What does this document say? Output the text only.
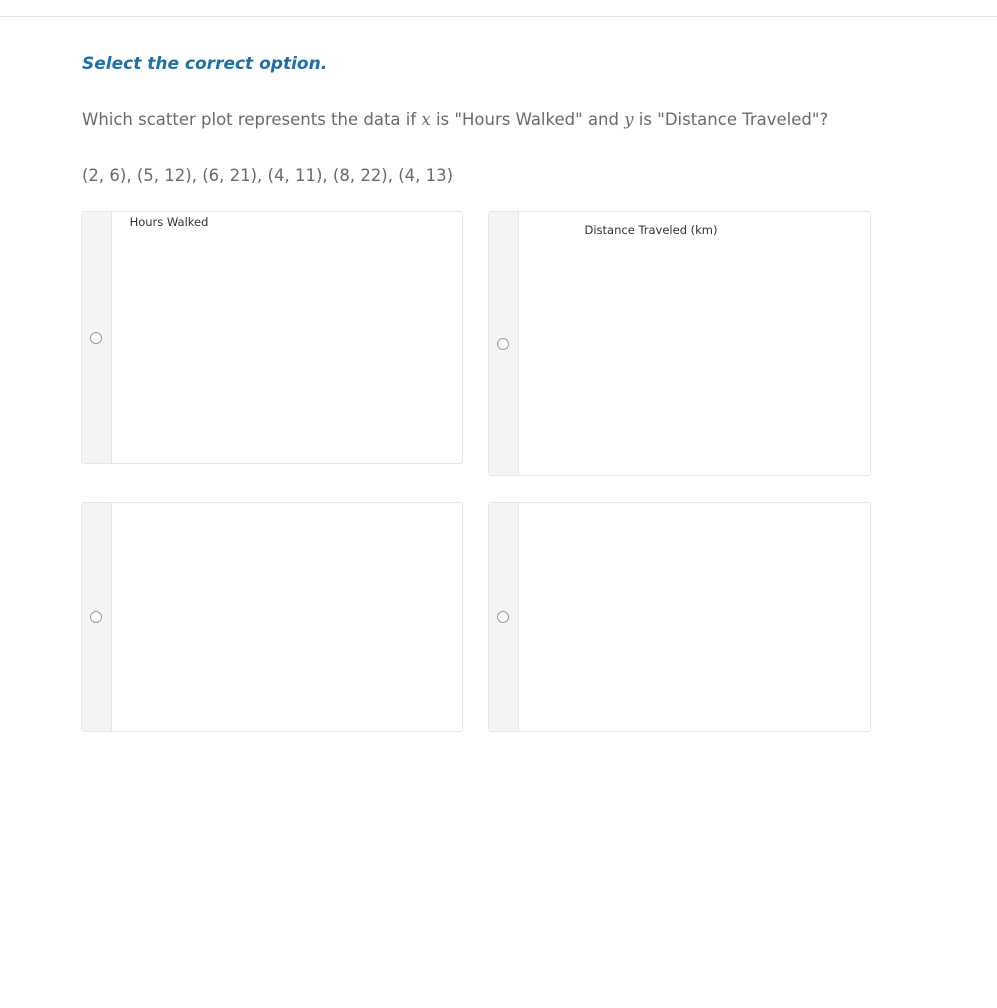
Select the correct option.

Which scatter plot represents the data if x is "Hours Walked" and y is "Distance Traveled"?

(2, 6), (5, 12), (6, 21), (4, 11), (8, 22), (4, 13)

Hours Walked
Distance Traveled (km)
